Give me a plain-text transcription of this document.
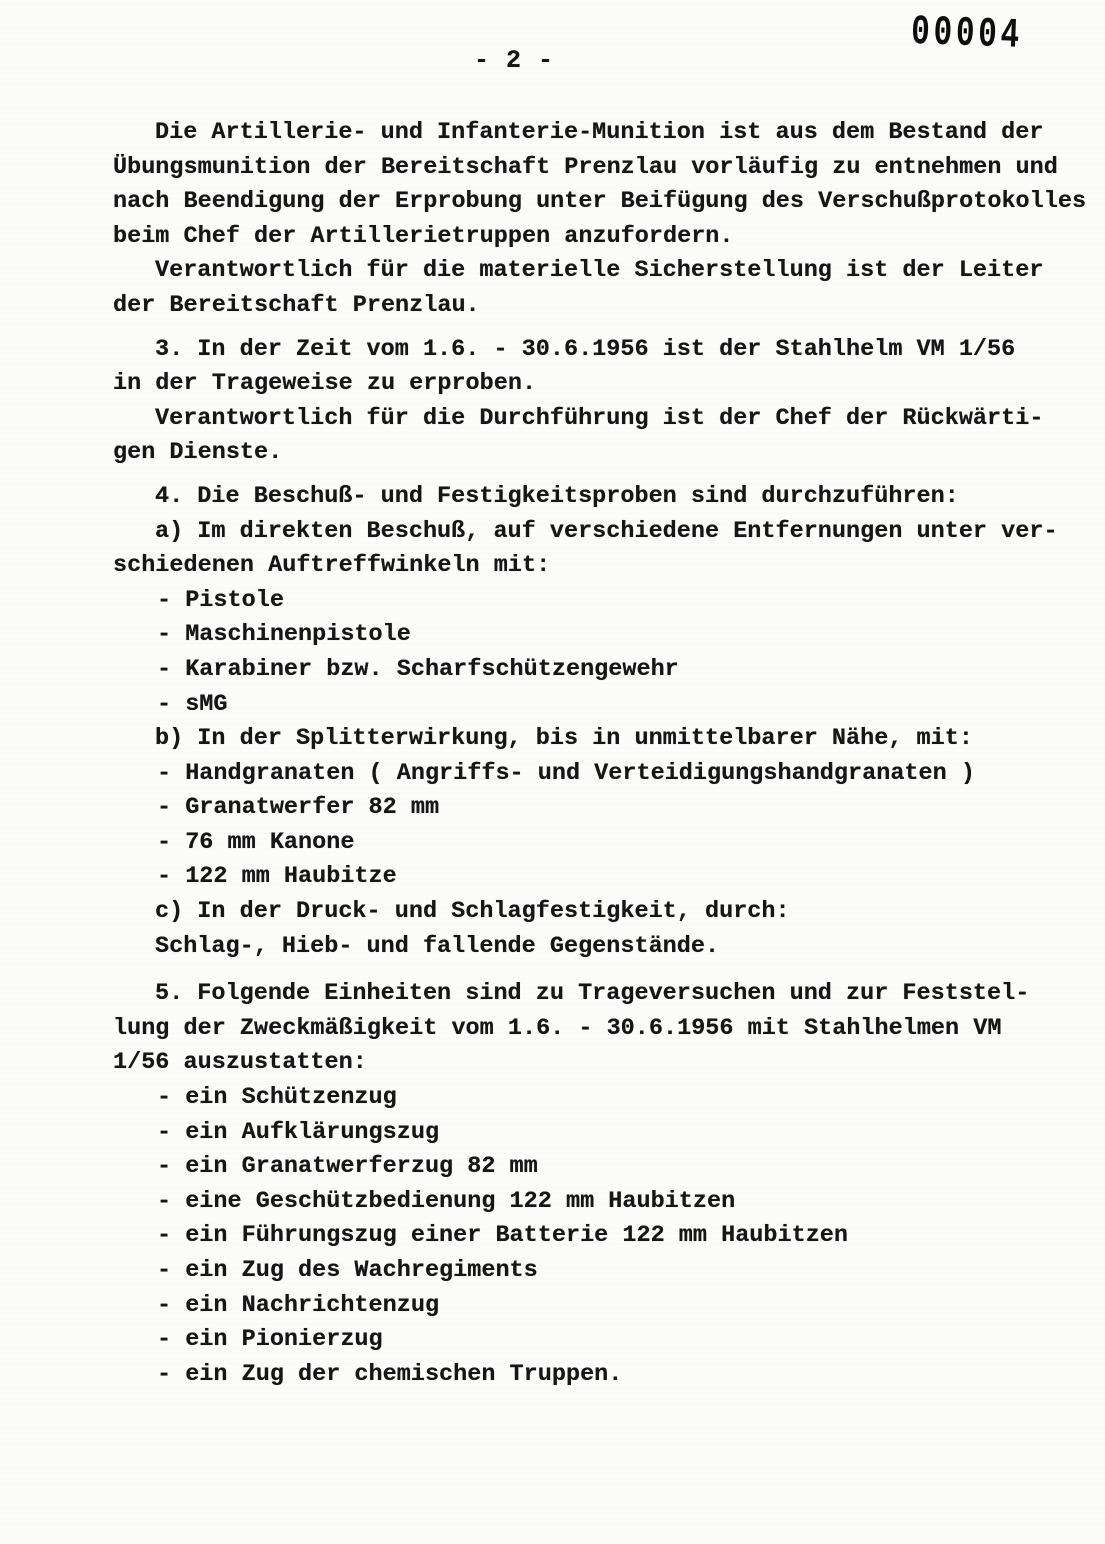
00004
- 2 -
Die Artillerie- und Infanterie-Munition ist aus dem Bestand der
Übungsmunition der Bereitschaft Prenzlau vorläufig zu entnehmen und
nach Beendigung der Erprobung unter Beifügung des Verschußprotokolles
beim Chef der Artillerietruppen anzufordern.
Verantwortlich für die materielle Sicherstellung ist der Leiter
der Bereitschaft Prenzlau.
3. In der Zeit vom 1.6. - 30.6.1956 ist der Stahlhelm VM 1/56
in der Trageweise zu erproben.
Verantwortlich für die Durchführung ist der Chef der Rückwärti-
gen Dienste.
4. Die Beschuß- und Festigkeitsproben sind durchzuführen:
a) Im direkten Beschuß, auf verschiedene Entfernungen unter ver-
schiedenen Auftreffwinkeln mit:
- Pistole
- Maschinenpistole
- Karabiner bzw. Scharfschützengewehr
- sMG
b) In der Splitterwirkung, bis in unmittelbarer Nähe, mit:
- Handgranaten ( Angriffs- und Verteidigungshandgranaten )
- Granatwerfer 82 mm
- 76 mm Kanone
- 122 mm Haubitze
c) In der Druck- und Schlagfestigkeit, durch:
Schlag-, Hieb- und fallende Gegenstände.
5. Folgende Einheiten sind zu Trageversuchen und zur Feststel-
lung der Zweckmäßigkeit vom 1.6. - 30.6.1956 mit Stahlhelmen VM
1/56 auszustatten:
- ein Schützenzug
- ein Aufklärungszug
- ein Granatwerferzug 82 mm
- eine Geschützbedienung 122 mm Haubitzen
- ein Führungszug einer Batterie 122 mm Haubitzen
- ein Zug des Wachregiments
- ein Nachrichtenzug
- ein Pionierzug
- ein Zug der chemischen Truppen.
